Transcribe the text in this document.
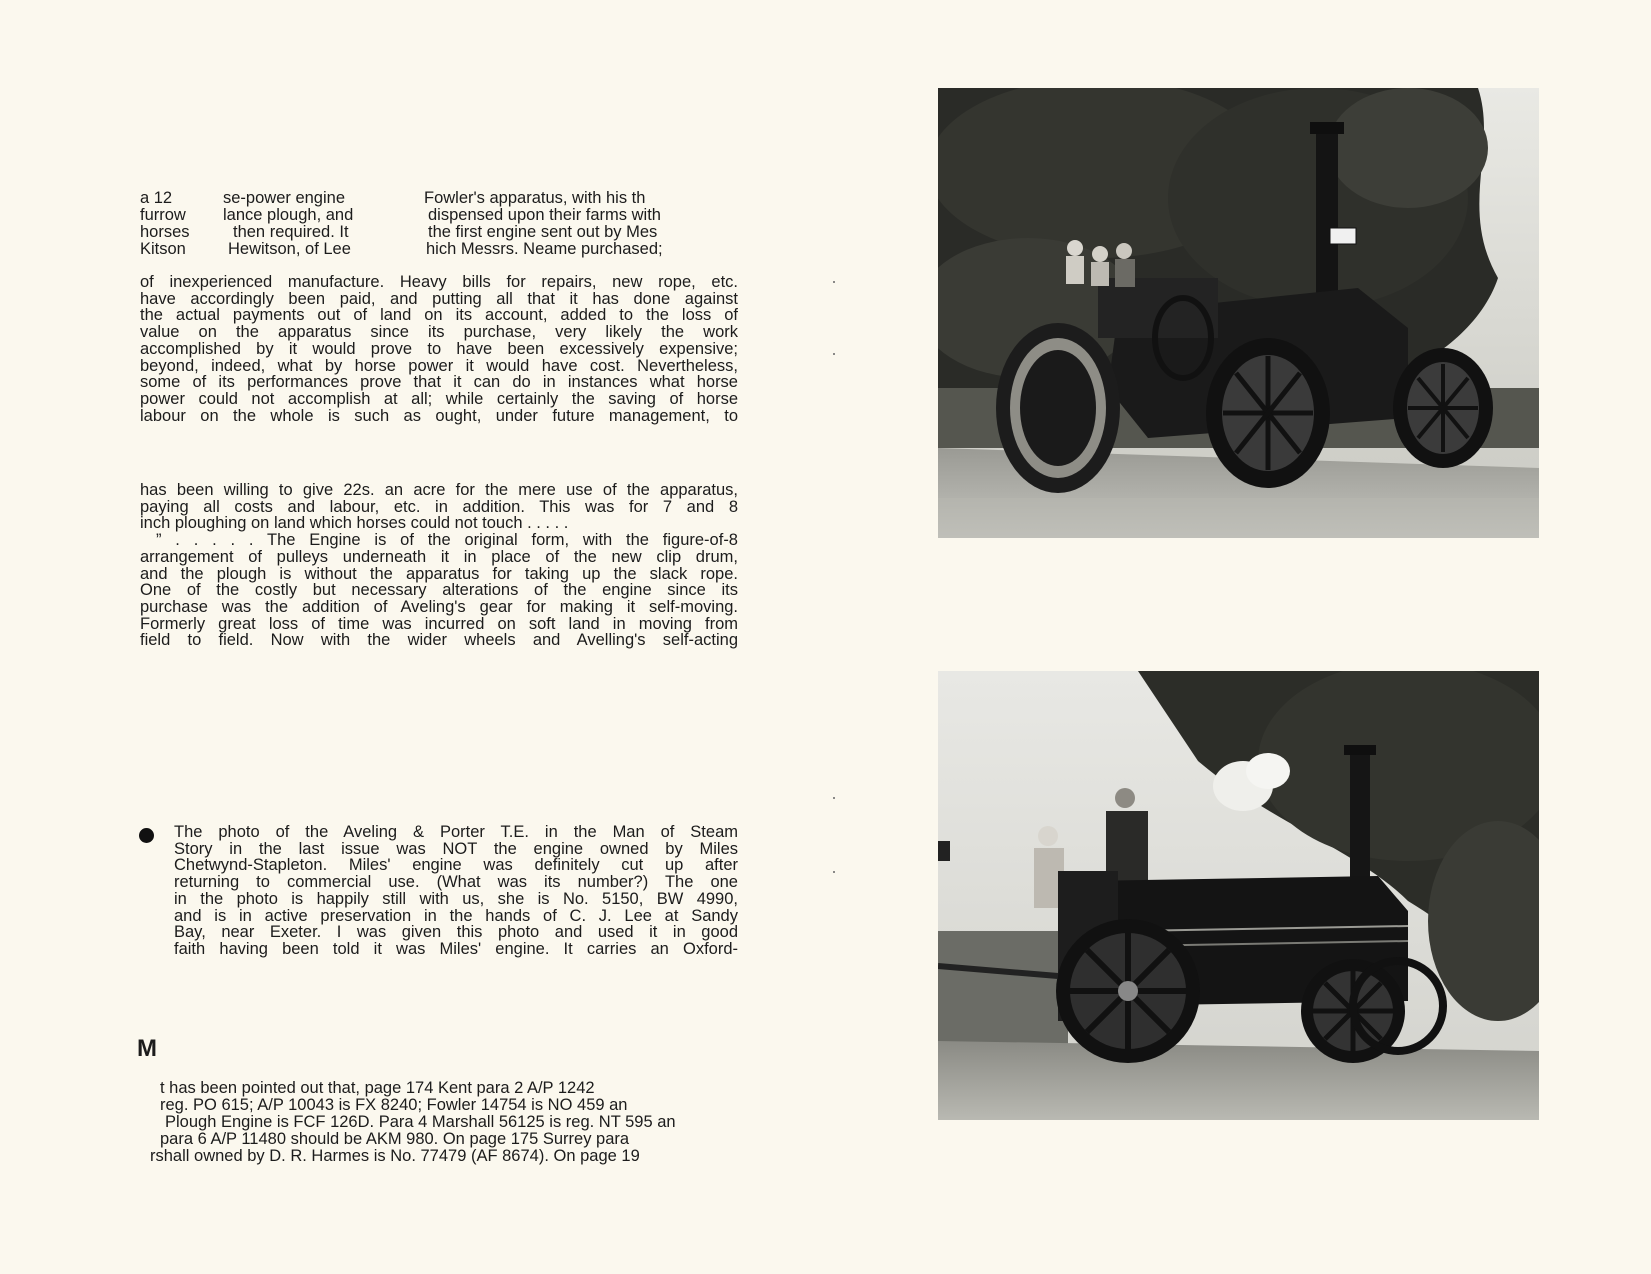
a 12
furrow
horses
Kitson
se-power engine
lance plough, and
then required. It
Hewitson, of Lee
Fowler's apparatus, with his th
dispensed upon their farms with
the first engine sent out by Mes
hich Messrs. Neame purchased;
of inexperienced manufacture. Heavy bills for repairs, new rope, etc.
have accordingly been paid, and putting all that it has done against
the actual payments out of land on its account, added to the loss of
value on the apparatus since its purchase, very likely the work
accomplished by it would prove to have been excessively expensive;
beyond, indeed, what by horse power it would have cost. Nevertheless,
some of its performances prove that it can do in instances what horse
power could not accomplish at all; while certainly the saving of horse
labour on the whole is such as ought, under future management, to
has been willing to give 22s. an acre for the mere use of the apparatus,
paying all costs and labour, etc. in addition. This was for 7 and 8
inch ploughing on land which horses could not touch . . . . .
” . . . . . The Engine is of the original form, with the figure-of-8
arrangement of pulleys underneath it in place of the new clip drum,
and the plough is without the apparatus for taking up the slack rope.
One of the costly but necessary alterations of the engine since its
purchase was the addition of Aveling's gear for making it self-moving.
Formerly great loss of time was incurred on soft land in moving from
field to field. Now with the wider wheels and Avelling's self-acting
The photo of the Aveling & Porter T.E. in the Man of Steam
Story in the last issue was NOT the engine owned by Miles
Chetwynd-Stapleton. Miles' engine was definitely cut up after
returning to commercial use. (What was its number?) The one
in the photo is happily still with us, she is No. 5150, BW 4990,
and is in active preservation in the hands of C. J. Lee at Sandy
Bay, near Exeter. I was given this photo and used it in good
faith having been told it was Miles' engine. It carries an Oxford-
M
t has been pointed out that, page 174 Kent para 2 A/P 1242
reg. PO 615; A/P 10043 is FX 8240; Fowler 14754 is NO 459 an
Plough Engine is FCF 126D. Para 4 Marshall 56125 is reg. NT 595 an
para 6 A/P 11480 should be AKM 980. On page 175 Surrey para
rshall owned by D. R. Harmes is No. 77479 (AF 8674). On page 19
